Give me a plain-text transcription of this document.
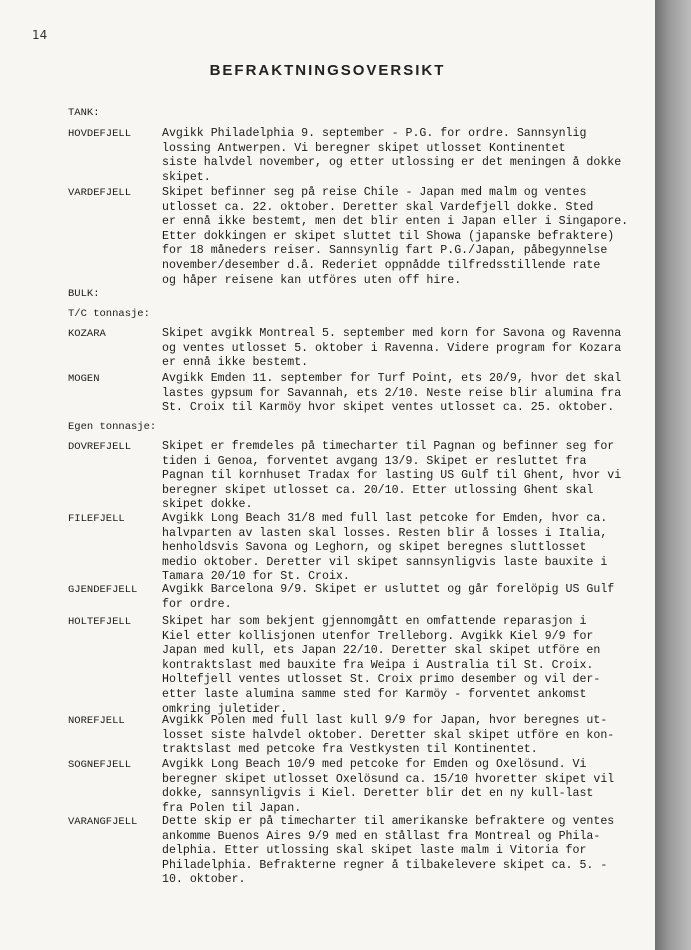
14
BEFRAKTNINGSOVERSIKT
TANK:
HOVDEFJELL	Avgikk Philadelphia 9. september - P.G. for ordre. Sannsynlig
lossing Antwerpen. Vi beregner skipet utlosset Kontinentet
siste halvdel november, og etter utlossing er det meningen å dokke
skipet.
VARDEFJELL	Skipet befinner seg på reise Chile - Japan med malm og ventes
utlosset ca. 22. oktober. Deretter skal Vardefjell dokke. Sted
er ennå ikke bestemt, men det blir enten i Japan eller i Singapore.
Etter dokkingen er skipet sluttet til Showa (japanske befraktere)
for 18 måneders reiser. Sannsynlig fart P.G./Japan, påbegynnelse
november/desember d.å. Rederiet oppnådde tilfredsstillende rate
og håper reisene kan utföres uten off hire.
BULK:
T/C tonnasje:
KOZARA	Skipet avgikk Montreal 5. september med korn for Savona og Ravenna
og ventes utlosset 5. oktober i Ravenna. Videre program for Kozara
er ennå ikke bestemt.
MOGEN	Avgikk Emden 11. september for Turf Point, ets 20/9, hvor det skal
lastes gypsum for Savannah, ets 2/10. Neste reise blir alumina fra
St. Croix til Karmöy hvor skipet ventes utlosset ca. 25. oktober.
Egen tonnasje:
DOVREFJELL	Skipet er fremdeles på timecharter til Pagnan og befinner seg for
tiden i Genoa, forventet avgang 13/9. Skipet er resluttet fra
Pagnan til kornhuset Tradax for lasting US Gulf til Ghent, hvor vi
beregner skipet utlosset ca. 20/10. Etter utlossing Ghent skal
skipet dokke.
FILEFJELL	Avgikk Long Beach 31/8 med full last petcoke for Emden, hvor ca.
halvparten av lasten skal losses. Resten blir å losses i Italia,
henholdsvis Savona og Leghorn, og skipet beregnes sluttlosset
medio oktober. Deretter vil skipet sannsynligvis laste bauxite i
Tamara 20/10 for St. Croix.
GJENDEFJELL Avgikk Barcelona 9/9. Skipet er usluttet og går forelöpig US Gulf
for ordre.
HOLTEFJELL	Skipet har som bekjent gjennomgått en omfattende reparasjon i
Kiel etter kollisjonen utenfor Trelleborg. Avgikk Kiel 9/9 for
Japan med kull, ets Japan 22/10. Deretter skal skipet utföre en
kontraktslast med bauxite fra Weipa i Australia til St. Croix.
Holtefjell ventes utlosset St. Croix primo desember og vil der-
etter laste alumina samme sted for Karmöy - forventet ankomst
omkring juletider.
NOREFJELL	Avgikk Polen med full last kull 9/9 for Japan, hvor beregnes ut-
losset siste halvdel oktober. Deretter skal skipet utföre en kon-
traktslast med petcoke fra Vestkysten til Kontinentet.
SOGNEFJELL	Avgikk Long Beach 10/9 med petcoke for Emden og Oxelösund. Vi
beregner skipet utlosset Oxelösund ca. 15/10 hvoretter skipet vil
dokke, sannsynligvis i Kiel. Deretter blir det en ny kull-last
fra Polen til Japan.
VARANGFJELL Dette skip er på timecharter til amerikanske befraktere og ventes
ankomme Buenos Aires 9/9 med en stållast fra Montreal og Phila-
delphia. Etter utlossing skal skipet laste malm i Vitoria for
Philadelphia. Befrakterne regner å tilbakelevere skipet ca. 5. -
10. oktober.
